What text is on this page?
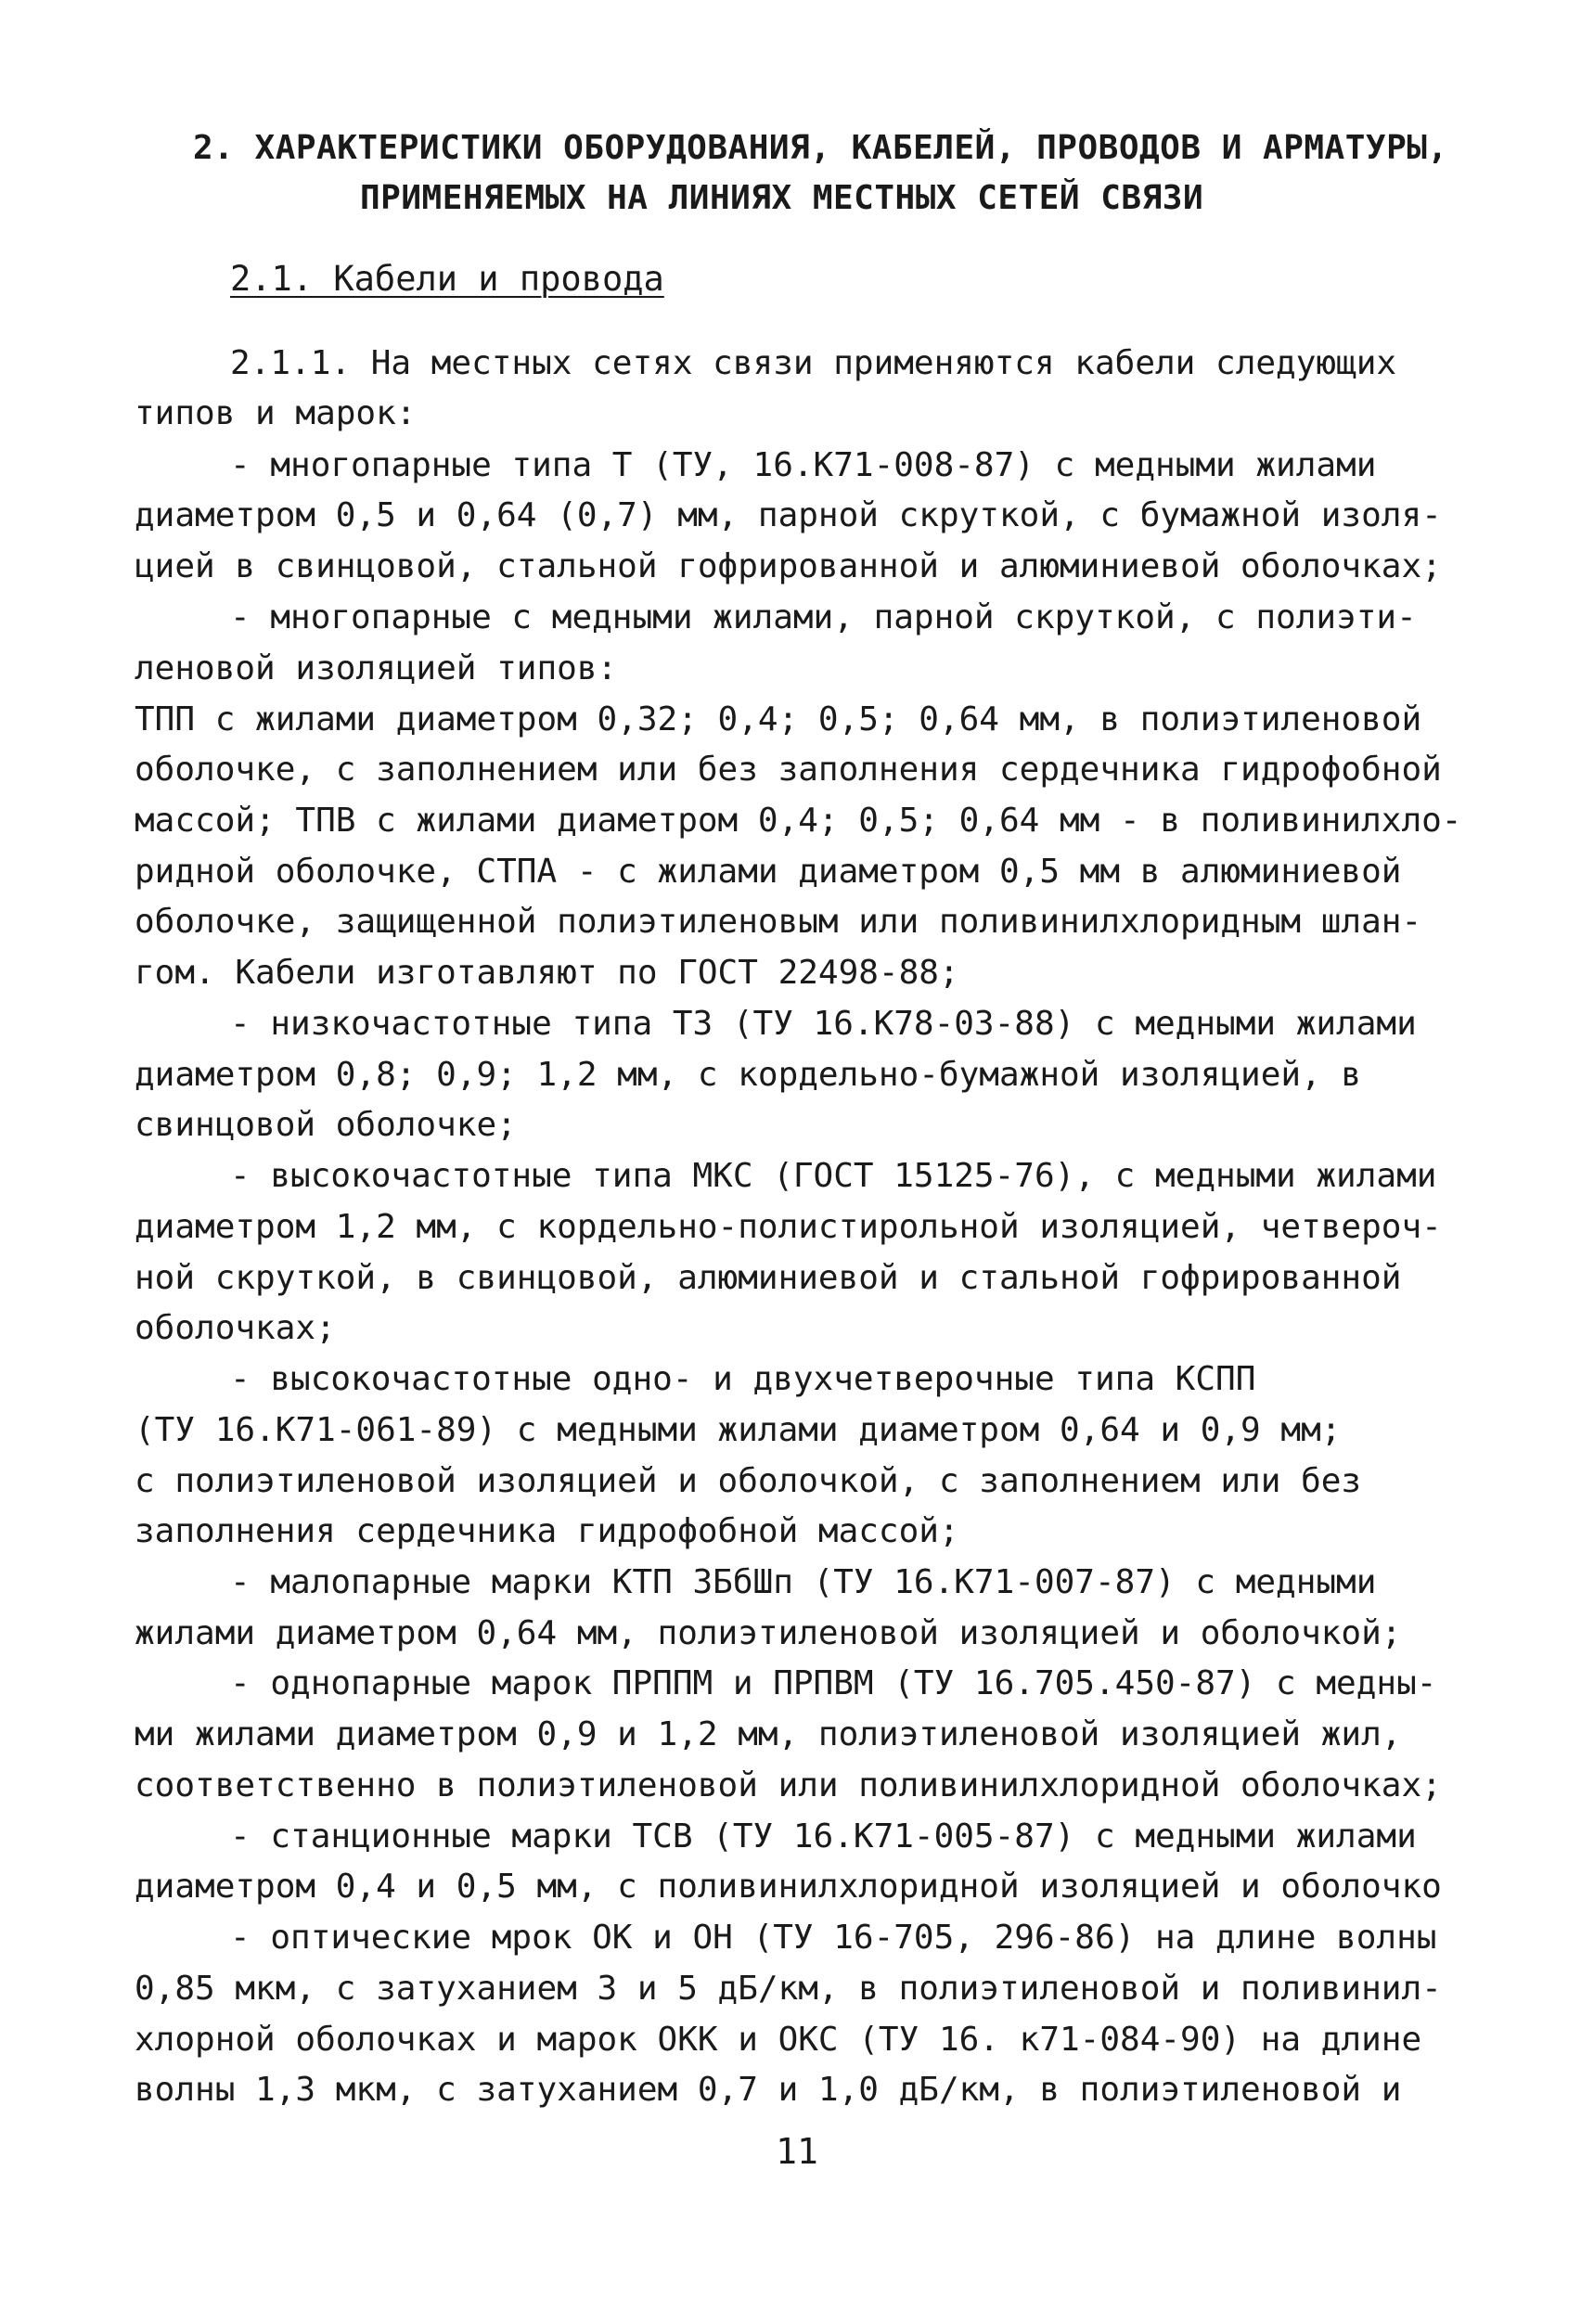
2. ХАРАКТЕРИСТИКИ ОБОРУДОВАНИЯ, КАБЕЛЕЙ, ПРОВОДОВ И АРМАТУРЫ,
ПРИМЕНЯЕМЫХ НА ЛИНИЯХ МЕСТНЫХ СЕТЕЙ СВЯЗИ
2.1. Кабели и провода
2.1.1. На местных сетях связи применяются кабели следующих
типов и марок:
- многопарные типа Т (ТУ, 16.К71-008-87) с медными жилами
диаметром 0,5 и 0,64 (0,7) мм, парной скруткой, с бумажной изоля-
цией в свинцовой, стальной гофрированной и алюминиевой оболочках;
- многопарные с медными жилами, парной скруткой, с полиэти-
леновой изоляцией типов:
ТПП с жилами диаметром 0,32; 0,4; 0,5; 0,64 мм, в полиэтиленовой
оболочке, с заполнением или без заполнения сердечника гидрофобной
массой; ТПВ с жилами диаметром 0,4; 0,5; 0,64 мм - в поливинилхло-
ридной оболочке, СТПА - с жилами диаметром 0,5 мм в алюминиевой
оболочке, защищенной полиэтиленовым или поливинилхлоридным шлан-
гом. Кабели изготавляют по ГОСТ 22498-88;
- низкочастотные типа ТЗ (ТУ 16.К78-03-88) с медными жилами
диаметром 0,8; 0,9; 1,2 мм, с кордельно-бумажной изоляцией, в
свинцовой оболочке;
- высокочастотные типа МКС (ГОСТ 15125-76), с медными жилами
диаметром 1,2 мм, с кордельно-полистирольной изоляцией, четвероч-
ной скруткой, в свинцовой, алюминиевой и стальной гофрированной
оболочках;
- высокочастотные одно- и двухчетверочные типа КСПП
(ТУ 16.К71-061-89) с медными жилами диаметром 0,64 и 0,9 мм;
с полиэтиленовой изоляцией и оболочкой, с заполнением или без
заполнения сердечника гидрофобной массой;
- малопарные марки КТП ЗБбШп (ТУ 16.К71-007-87) с медными
жилами диаметром 0,64 мм, полиэтиленовой изоляцией и оболочкой;
- однопарные марок ПРППМ и ПРПВМ (ТУ 16.705.450-87) с медны-
ми жилами диаметром 0,9 и 1,2 мм, полиэтиленовой изоляцией жил,
соответственно в полиэтиленовой или поливинилхлоридной оболочках;
- станционные марки ТСВ (ТУ 16.К71-005-87) с медными жилами
диаметром 0,4 и 0,5 мм, с поливинилхлоридной изоляцией и оболочко
- оптические мрок ОК и ОН (ТУ 16-705, 296-86) на длине волны
0,85 мкм, с затуханием 3 и 5 дБ/км, в полиэтиленовой и поливинил-
хлорной оболочках и марок ОКК и ОКС (ТУ 16. к71-084-90) на длине
волны 1,3 мкм, с затуханием 0,7 и 1,0 дБ/км, в полиэтиленовой и
11
